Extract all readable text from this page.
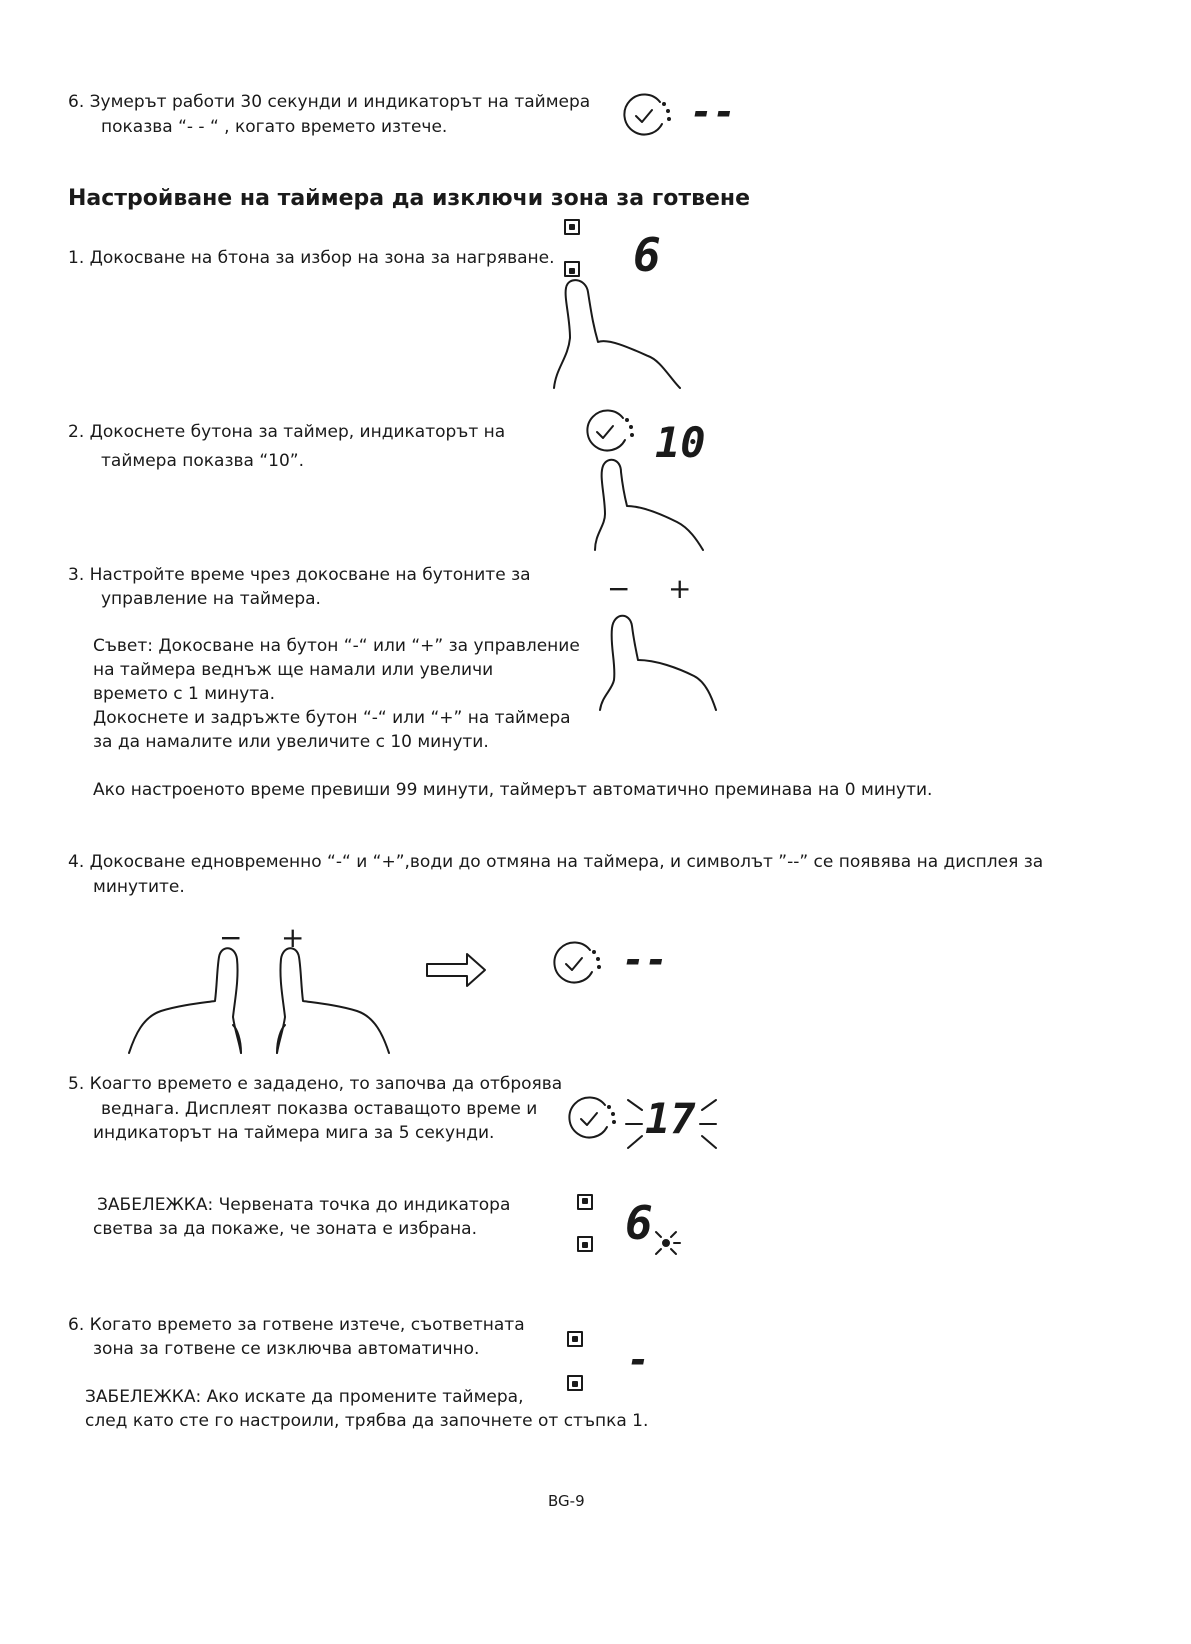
6. Зумерът работи 30 секунди и индикаторът на таймера
показва “- - “ , когато времето изтече.	--
Настройване на таймера да изключи зона за готвене
1. Докосване на бтона за избор на зона за нагряване. 6
2. Докоснете бутона за таймер, индикаторът на
таймера показва “10”.	10
3. Настройте време чрез докосване на бутоните за
управление на таймера.	− +
Съвет: Докосване на бутон “-“ или “+” за управление
на таймера веднъж ще намали или увеличи
времето с 1 минута.
Докоснете и задръжте бутон “-“ или “+” на таймера
за да намалите или увеличите с 10 минути.
Ако настроеното време превиши 99 минути, таймерът автоматично преминава на 0 минути.
4. Докосване едновременно “-“ и “+”,води до отмяна на таймера, и символът ”--” се появява на дисплея за
минутите.
− +
--
5. Коагто времето е зададено, то започва да отброява
веднага. Дисплеят показва оставащото време и
индикаторът на таймера мига за 5 секунди.	17
ЗАБЕЛЕЖКА: Червената точка до индикатора
светва за да покаже, че зоната е избрана.	6
6. Когато времето за готвене изтече, съответната
зона за готвене се изключва автоматично.	-
ЗАБЕЛЕЖКА: Ако искате да промените таймера,
след като сте го настроили, трябва да започнете от стъпка 1.
BG-9
